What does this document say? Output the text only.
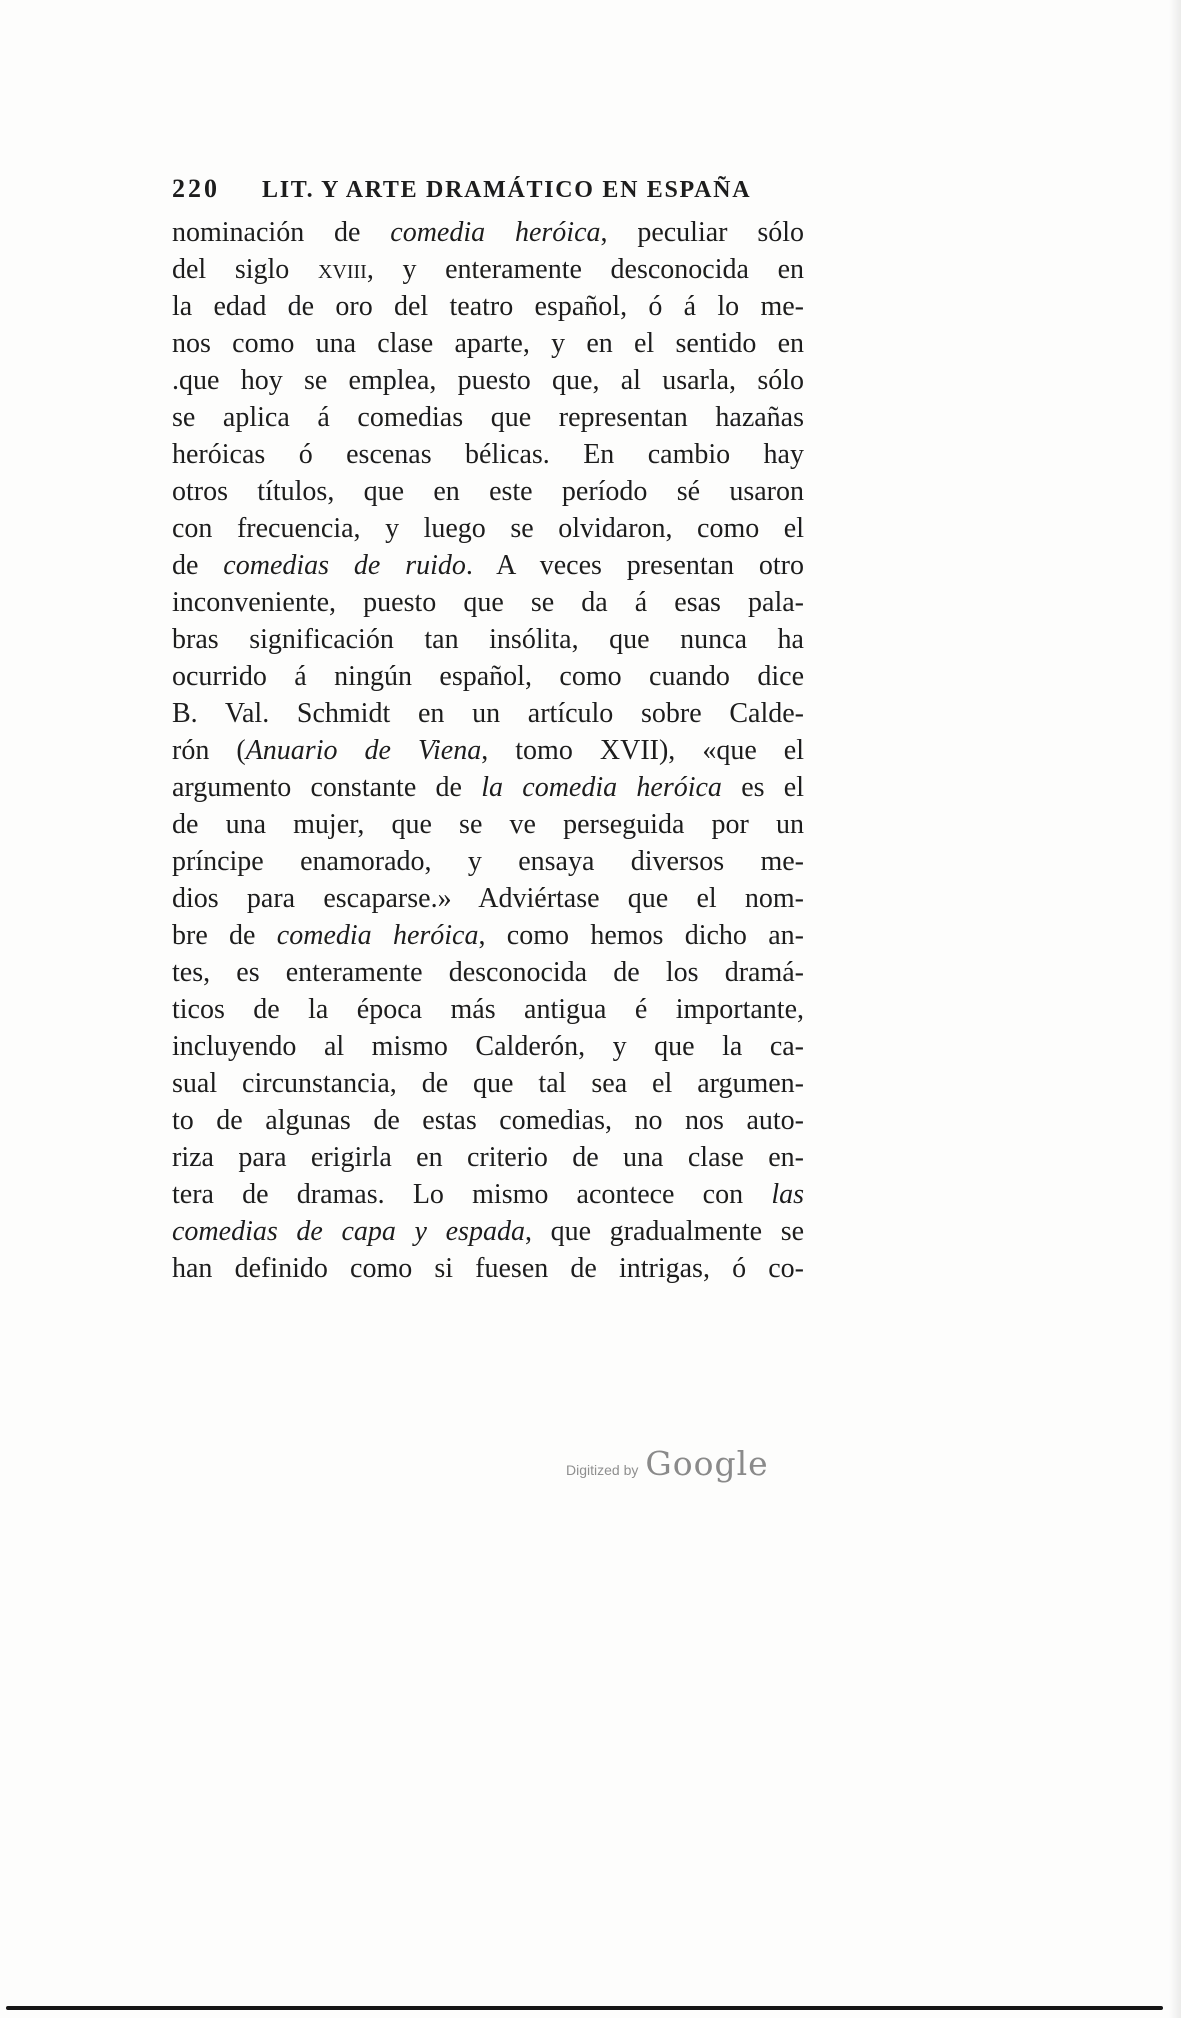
220 LIT. Y ARTE DRAMÁTICO EN ESPAÑA
nominación de comedia heróica, peculiar sólo
del siglo xviii, y enteramente desconocida en
la edad de oro del teatro español, ó á lo me-
nos como una clase aparte, y en el sentido en
.que hoy se emplea, puesto que, al usarla, sólo
se aplica á comedias que representan hazañas
heróicas ó escenas bélicas. En cambio hay
otros títulos, que en este período sé usaron
con frecuencia, y luego se olvidaron, como el
de comedias de ruido. A veces presentan otro
inconveniente, puesto que se da á esas pala-
bras significación tan insólita, que nunca ha
ocurrido á ningún español, como cuando dice
B. Val. Schmidt en un artículo sobre Calde-
rón (Anuario de Viena, tomo XVII), «que el
argumento constante de la comedia heróica es el
de una mujer, que se ve perseguida por un
príncipe enamorado, y ensaya diversos me-
dios para escaparse.» Adviértase que el nom-
bre de comedia heróica, como hemos dicho an-
tes, es enteramente desconocida de los dramá-
ticos de la época más antigua é importante,
incluyendo al mismo Calderón, y que la ca-
sual circunstancia, de que tal sea el argumen-
to de algunas de estas comedias, no nos auto-
riza para erigirla en criterio de una clase en-
tera de dramas. Lo mismo acontece con las
comedias de capa y espada, que gradualmente se
han definido como si fuesen de intrigas, ó co-
Digitized by Google
